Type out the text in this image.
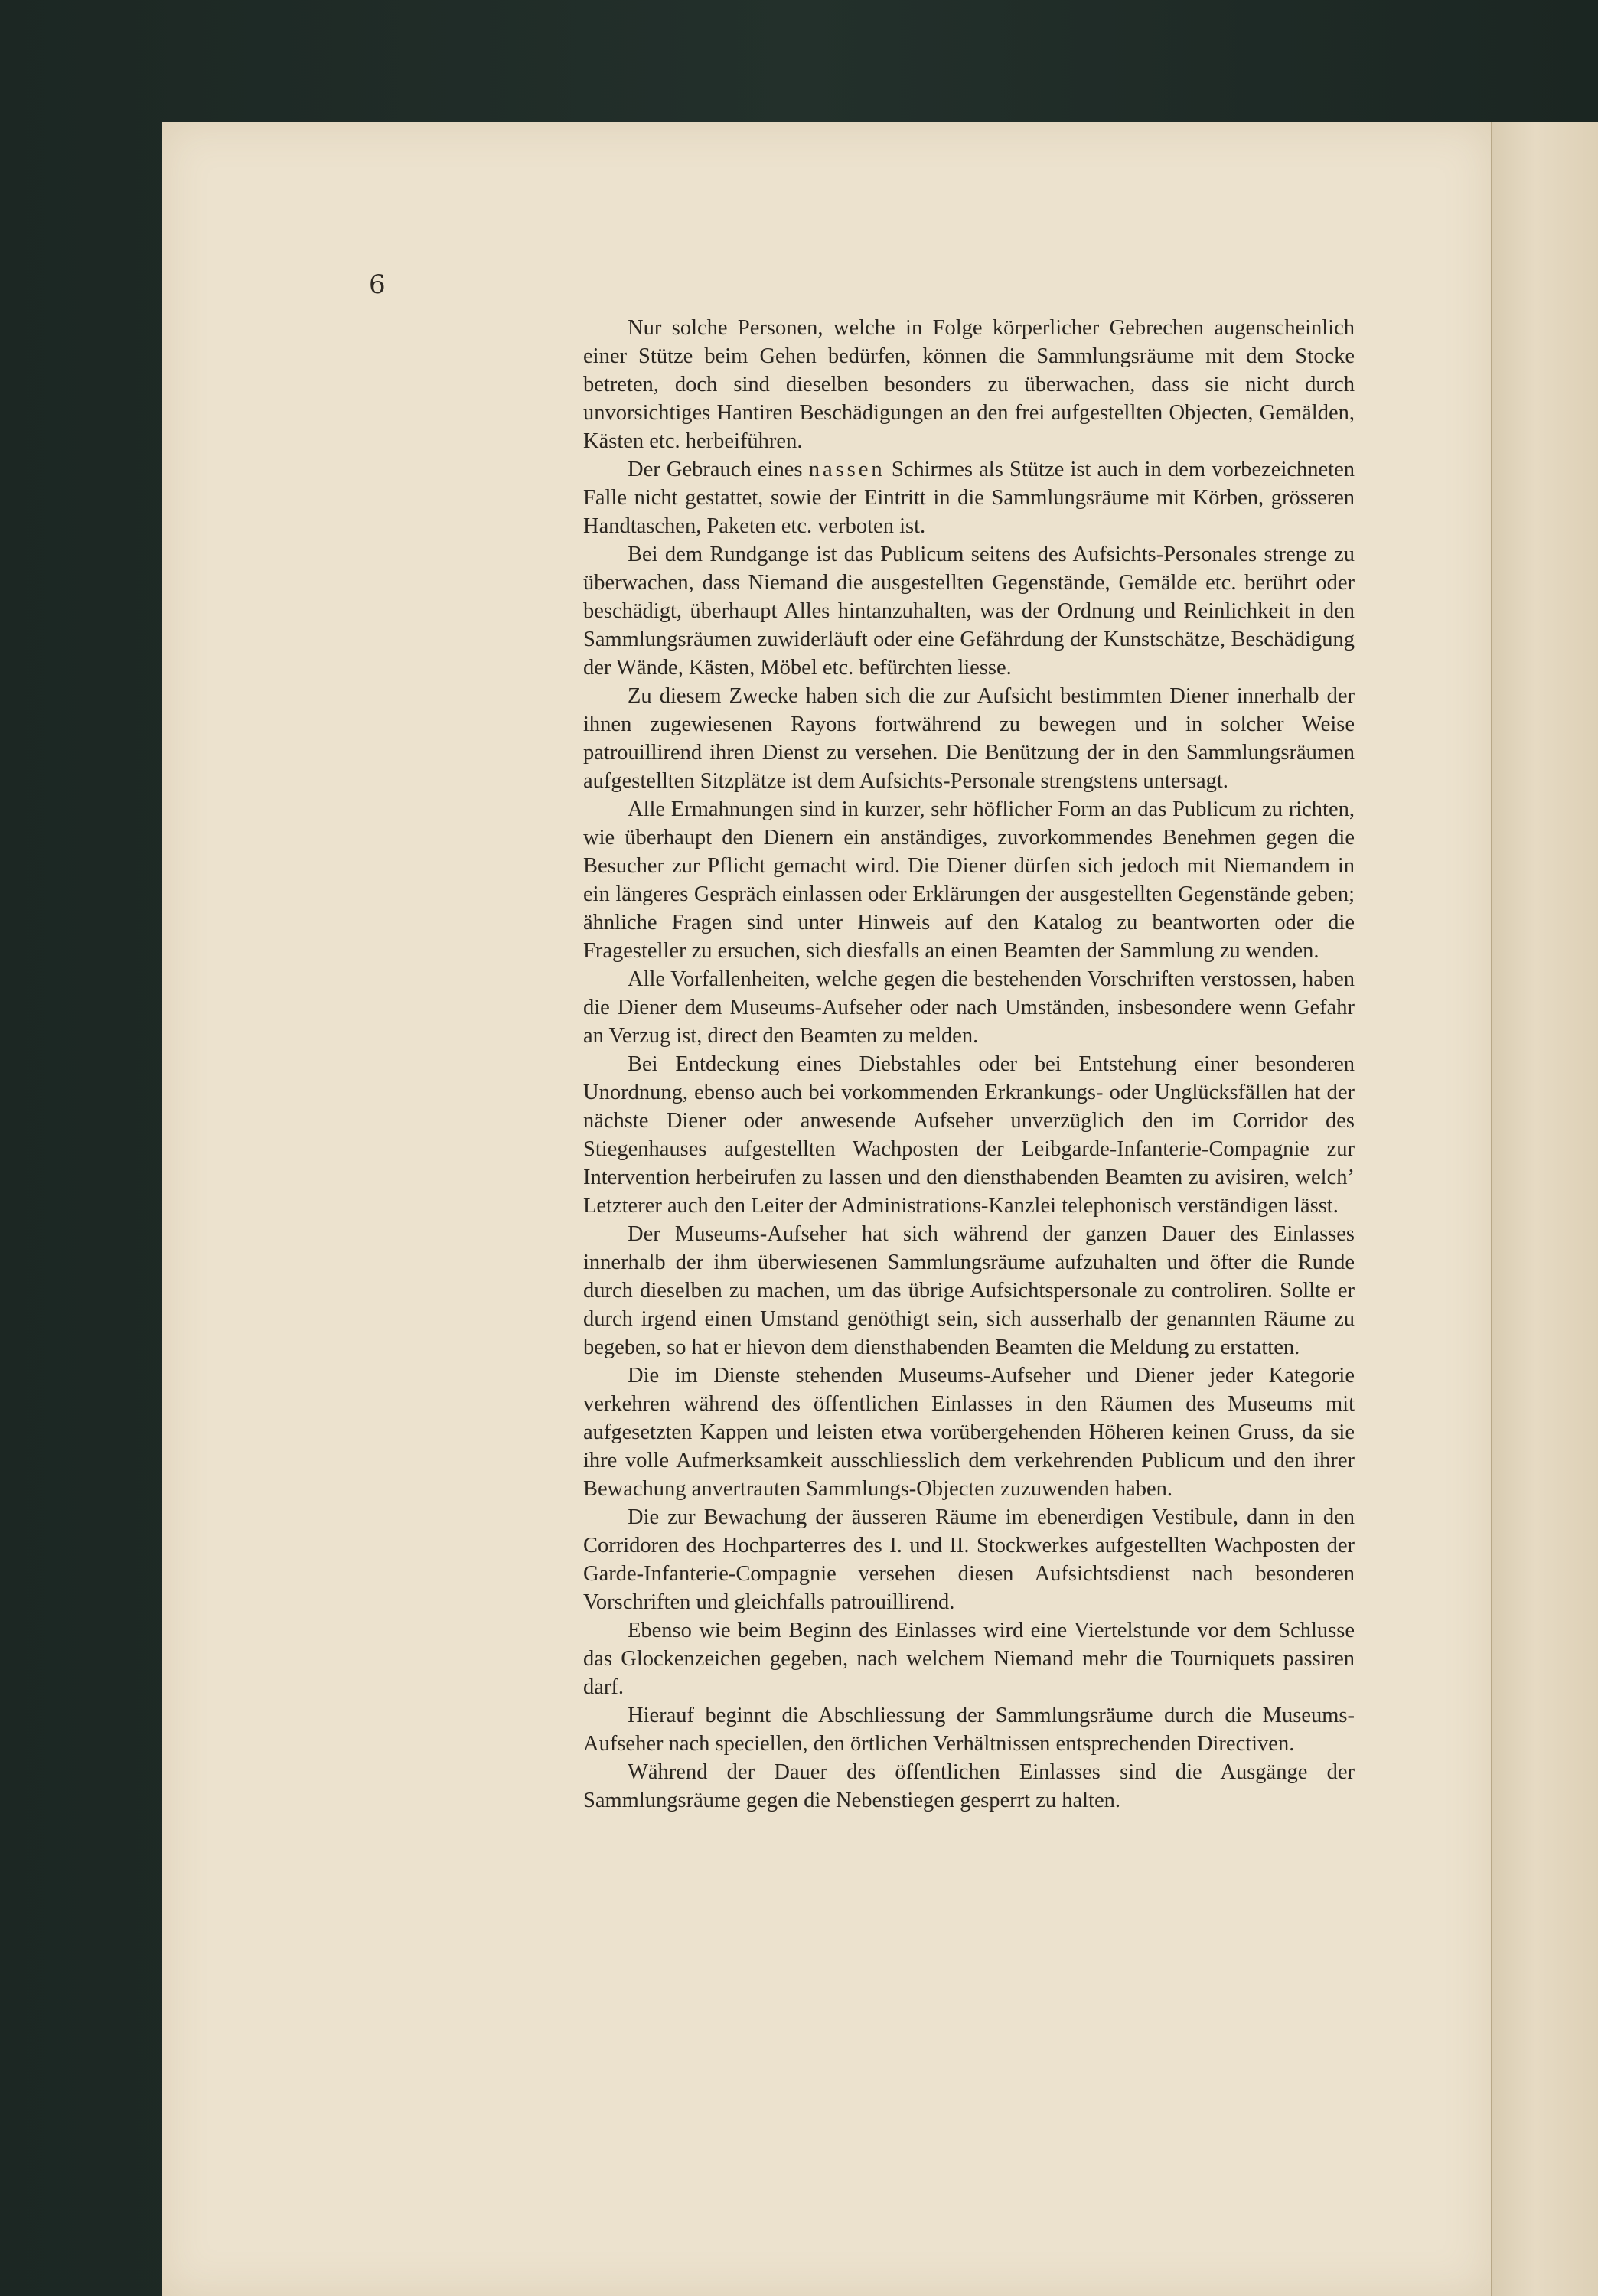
6

Nur solche Personen, welche in Folge körperlicher Gebrechen augenscheinlich einer Stütze beim Gehen bedürfen, können die Sammlungsräume mit dem Stocke betreten, doch sind dieselben besonders zu überwachen, dass sie nicht durch unvorsichtiges Hantiren Beschädigungen an den frei aufgestellten Objecten, Gemälden, Kästen etc. herbeiführen.

Der Gebrauch eines nassen Schirmes als Stütze ist auch in dem vorbezeichneten Falle nicht gestattet, sowie der Eintritt in die Sammlungsräume mit Körben, grösseren Handtaschen, Paketen etc. verboten ist.

Bei dem Rundgange ist das Publicum seitens des Aufsichts-Personales strenge zu überwachen, dass Niemand die ausgestellten Gegenstände, Gemälde etc. berührt oder beschädigt, überhaupt Alles hintanzuhalten, was der Ordnung und Reinlichkeit in den Sammlungsräumen zuwiderläuft oder eine Gefährdung der Kunstschätze, Beschädigung der Wände, Kästen, Möbel etc. befürchten liesse.

Zu diesem Zwecke haben sich die zur Aufsicht bestimmten Diener innerhalb der ihnen zugewiesenen Rayons fortwährend zu bewegen und in solcher Weise patrouillirend ihren Dienst zu versehen. Die Benützung der in den Sammlungsräumen aufgestellten Sitzplätze ist dem Aufsichts-Personale strengstens untersagt.

Alle Ermahnungen sind in kurzer, sehr höflicher Form an das Publicum zu richten, wie überhaupt den Dienern ein anständiges, zuvorkommendes Benehmen gegen die Besucher zur Pflicht gemacht wird. Die Diener dürfen sich jedoch mit Niemandem in ein längeres Gespräch einlassen oder Erklärungen der ausgestellten Gegenstände geben; ähnliche Fragen sind unter Hinweis auf den Katalog zu beantworten oder die Fragesteller zu ersuchen, sich diesfalls an einen Beamten der Sammlung zu wenden.

Alle Vorfallenheiten, welche gegen die bestehenden Vorschriften verstossen, haben die Diener dem Museums-Aufseher oder nach Umständen, insbesondere wenn Gefahr an Verzug ist, direct den Beamten zu melden.

Bei Entdeckung eines Diebstahles oder bei Entstehung einer besonderen Unordnung, ebenso auch bei vorkommenden Erkrankungs- oder Unglücksfällen hat der nächste Diener oder anwesende Aufseher unverzüglich den im Corridor des Stiegenhauses aufgestellten Wachposten der Leibgarde-Infanterie-Compagnie zur Intervention herbeirufen zu lassen und den diensthabenden Beamten zu avisiren, welch’ Letzterer auch den Leiter der Administrations-Kanzlei telephonisch verständigen lässt.

Der Museums-Aufseher hat sich während der ganzen Dauer des Einlasses innerhalb der ihm überwiesenen Sammlungsräume aufzuhalten und öfter die Runde durch dieselben zu machen, um das übrige Aufsichtspersonale zu controliren. Sollte er durch irgend einen Umstand genöthigt sein, sich ausserhalb der genannten Räume zu begeben, so hat er hievon dem diensthabenden Beamten die Meldung zu erstatten.

Die im Dienste stehenden Museums-Aufseher und Diener jeder Kategorie verkehren während des öffentlichen Einlasses in den Räumen des Museums mit aufgesetzten Kappen und leisten etwa vorübergehenden Höheren keinen Gruss, da sie ihre volle Aufmerksamkeit ausschliesslich dem verkehrenden Publicum und den ihrer Bewachung anvertrauten Sammlungs-Objecten zuzuwenden haben.

Die zur Bewachung der äusseren Räume im ebenerdigen Vestibule, dann in den Corridoren des Hochparterres des I. und II. Stockwerkes aufgestellten Wachposten der Garde-Infanterie-Compagnie versehen diesen Aufsichtsdienst nach besonderen Vorschriften und gleichfalls patrouillirend.

Ebenso wie beim Beginn des Einlasses wird eine Viertelstunde vor dem Schlusse das Glockenzeichen gegeben, nach welchem Niemand mehr die Tourniquets passiren darf.

Hierauf beginnt die Abschliessung der Sammlungsräume durch die Museums-Aufseher nach speciellen, den örtlichen Verhältnissen entsprechenden Directiven.

Während der Dauer des öffentlichen Einlasses sind die Ausgänge der Sammlungsräume gegen die Nebenstiegen gesperrt zu halten.
